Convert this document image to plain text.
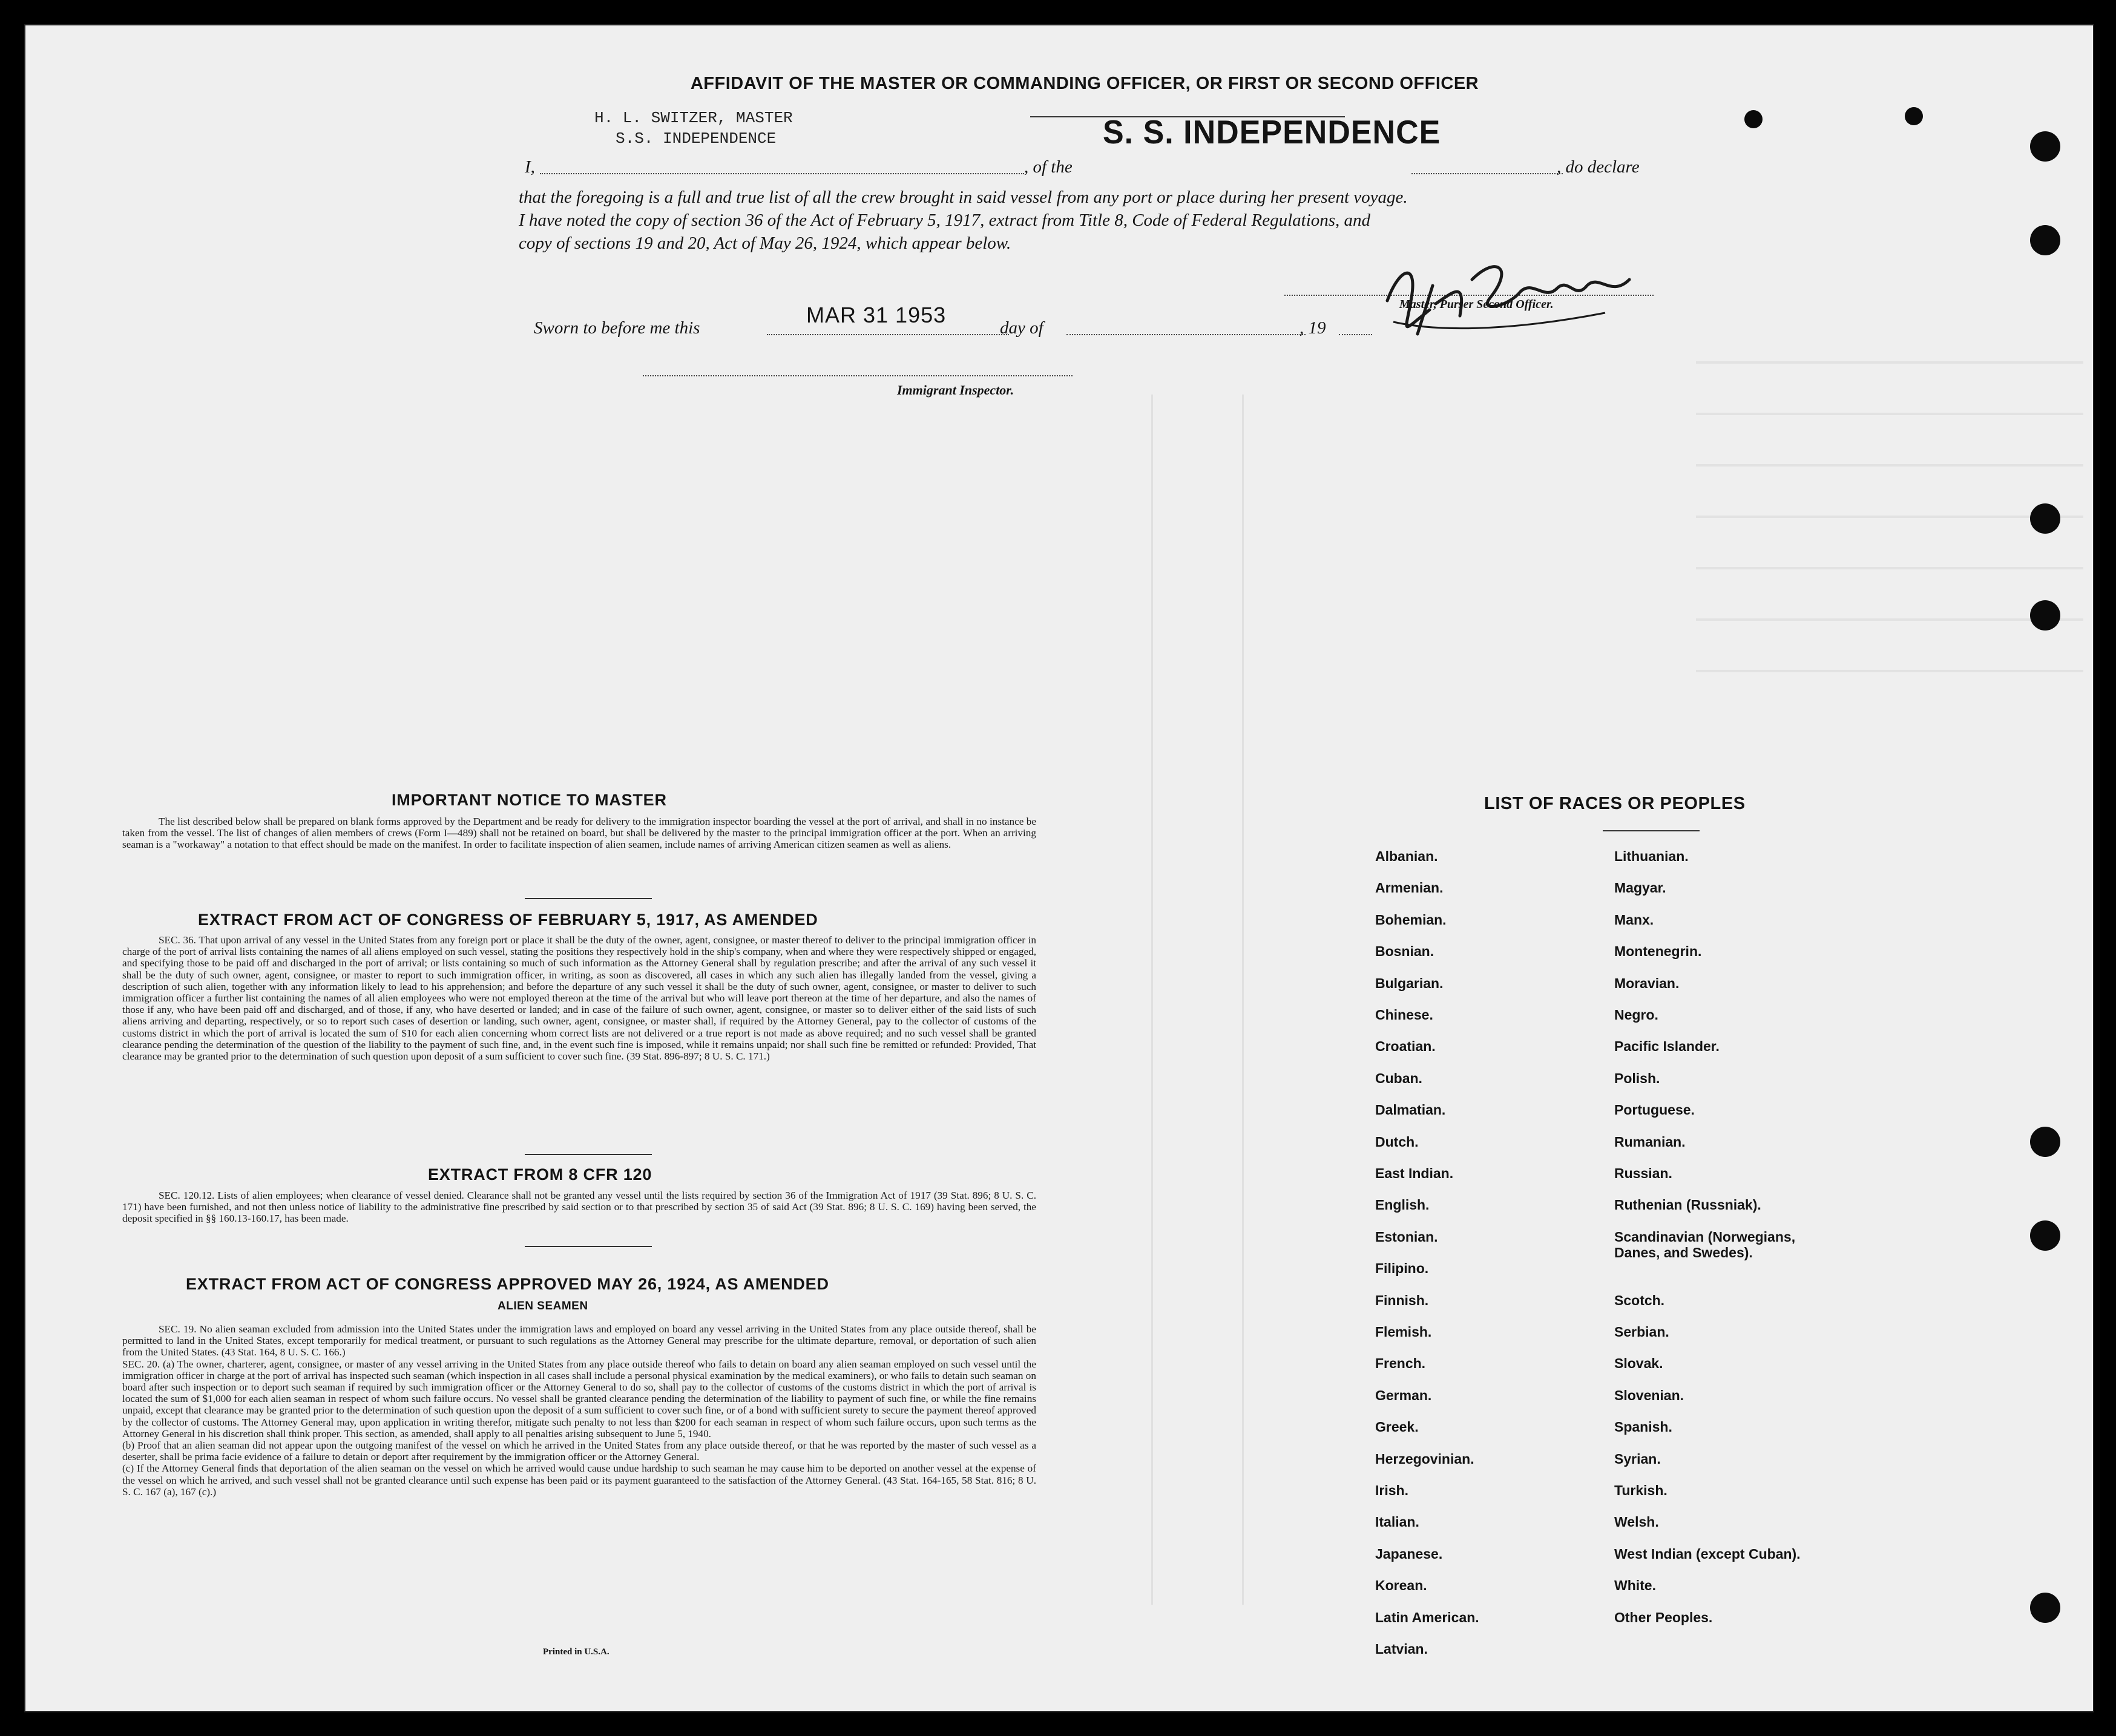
AFFIDAVIT OF THE MASTER OR COMMANDING OFFICER, OR FIRST OR SECOND OFFICER
H. L. SWITZER, MASTER
S.S. INDEPENDENCE
I,	, of the
S. S. INDEPENDENCE
, do declare
that the foregoing is a full and true list of all the crew brought in said vessel from any port or place during her present voyage.
I have noted the copy of section 36 of the Act of February 5, 1917, extract from Title 8, Code of Federal Regulations, and
copy of sections 19 and 20, Act of May 26, 1924, which appear below.
Master, Purser Second Officer.
Sworn to before me this
MAR 31 1953
day of	, 19
Immigrant Inspector.
IMPORTANT NOTICE TO MASTER
The list described below shall be prepared on blank forms approved by the Department and be ready for delivery to the immigration inspector boarding the vessel at the port of arrival, and shall in no instance be taken from the vessel. The list of changes of alien members of crews (Form I—489) shall not be retained on board, but shall be delivered by the master to the principal immigration officer at the port. When an arriving seaman is a "workaway" a notation to that effect should be made on the manifest. In order to facilitate inspection of alien seamen, include names of arriving American citizen seamen as well as aliens.
EXTRACT FROM ACT OF CONGRESS OF FEBRUARY 5, 1917, AS AMENDED
SEC. 36. That upon arrival of any vessel in the United States from any foreign port or place it shall be the duty of the owner, agent, consignee, or master thereof to deliver to the principal immigration officer in charge of the port of arrival lists containing the names of all aliens employed on such vessel, stating the positions they respectively hold in the ship's company, when and where they were respectively shipped or engaged, and specifying those to be paid off and discharged in the port of arrival; or lists containing so much of such information as the Attorney General shall by regulation prescribe; and after the arrival of any such vessel it shall be the duty of such owner, agent, consignee, or master to report to such immigration officer, in writing, as soon as discovered, all cases in which any such alien has illegally landed from the vessel, giving a description of such alien, together with any information likely to lead to his apprehension; and before the departure of any such vessel it shall be the duty of such owner, agent, consignee, or master to deliver to such immigration officer a further list containing the names of all alien employees who were not employed thereon at the time of the arrival but who will leave port thereon at the time of her departure, and also the names of those if any, who have been paid off and discharged, and of those, if any, who have deserted or landed; and in case of the failure of such owner, agent, consignee, or master so to deliver either of the said lists of such aliens arriving and departing, respectively, or so to report such cases of desertion or landing, such owner, agent, consignee, or master shall, if required by the Attorney General, pay to the collector of customs of the customs district in which the port of arrival is located the sum of $10 for each alien concerning whom correct lists are not delivered or a true report is not made as above required; and no such vessel shall be granted clearance pending the determination of the question of the liability to the payment of such fine, and, in the event such fine is imposed, while it remains unpaid; nor shall such fine be remitted or refunded: Provided, That clearance may be granted prior to the determination of such question upon deposit of a sum sufficient to cover such fine. (39 Stat. 896-897; 8 U. S. C. 171.)
EXTRACT FROM 8 CFR 120
SEC. 120.12. Lists of alien employees; when clearance of vessel denied. Clearance shall not be granted any vessel until the lists required by section 36 of the Immigration Act of 1917 (39 Stat. 896; 8 U. S. C. 171) have been furnished, and not then unless notice of liability to the administrative fine prescribed by said section or to that prescribed by section 35 of said Act (39 Stat. 896; 8 U. S. C. 169) having been served, the deposit specified in §§ 160.13-160.17, has been made.
EXTRACT FROM ACT OF CONGRESS APPROVED MAY 26, 1924, AS AMENDED
ALIEN SEAMEN
SEC. 19. No alien seaman excluded from admission into the United States under the immigration laws and employed on board any vessel arriving in the United States from any place outside thereof, shall be permitted to land in the United States, except temporarily for medical treatment, or pursuant to such regulations as the Attorney General may prescribe for the ultimate departure, removal, or deportation of such alien from the United States. (43 Stat. 164, 8 U. S. C. 166.)
SEC. 20. (a) The owner, charterer, agent, consignee, or master of any vessel arriving in the United States from any place outside thereof who fails to detain on board any alien seaman employed on such vessel until the immigration officer in charge at the port of arrival has inspected such seaman (which inspection in all cases shall include a personal physical examination by the medical examiners), or who fails to detain such seaman on board after such inspection or to deport such seaman if required by such immigration officer or the Attorney General to do so, shall pay to the collector of customs of the customs district in which the port of arrival is located the sum of $1,000 for each alien seaman in respect of whom such failure occurs. No vessel shall be granted clearance pending the determination of the liability to payment of such fine, or while the fine remains unpaid, except that clearance may be granted prior to the determination of such question upon the deposit of a sum sufficient to cover such fine, or of a bond with sufficient surety to secure the payment thereof approved by the collector of customs. The Attorney General may, upon application in writing therefor, mitigate such penalty to not less than $200 for each seaman in respect of whom such failure occurs, upon such terms as the Attorney General in his discretion shall think proper. This section, as amended, shall apply to all penalties arising subsequent to June 5, 1940.
(b) Proof that an alien seaman did not appear upon the outgoing manifest of the vessel on which he arrived in the United States from any place outside thereof, or that he was reported by the master of such vessel as a deserter, shall be prima facie evidence of a failure to detain or deport after requirement by the immigration officer or the Attorney General.
(c) If the Attorney General finds that deportation of the alien seaman on the vessel on which he arrived would cause undue hardship to such seaman he may cause him to be deported on another vessel at the expense of the vessel on which he arrived, and such vessel shall not be granted clearance until such expense has been paid or its payment guaranteed to the satisfaction of the Attorney General. (43 Stat. 164-165, 58 Stat. 816; 8 U. S. C. 167 (a), 167 (c).)
Printed in U.S.A.
LIST OF RACES OR PEOPLES
Albanian.
Armenian.
Bohemian.
Bosnian.
Bulgarian.
Chinese.
Croatian.
Cuban.
Dalmatian.
Dutch.
East Indian.
English.
Estonian.
Filipino.
Finnish.
Flemish.
French.
German.
Greek.
Herzegovinian.
Irish.
Italian.
Japanese.
Korean.
Latin American.
Latvian.
Lithuanian.
Magyar.
Manx.
Montenegrin.
Moravian.
Negro.
Pacific Islander.
Polish.
Portuguese.
Rumanian.
Russian.
Ruthenian (Russniak).
Scandinavian (Norwegians,
Danes, and Swedes).
Scotch.
Serbian.
Slovak.
Slovenian.
Spanish.
Syrian.
Turkish.
Welsh.
West Indian (except Cuban).
White.
Other Peoples.
